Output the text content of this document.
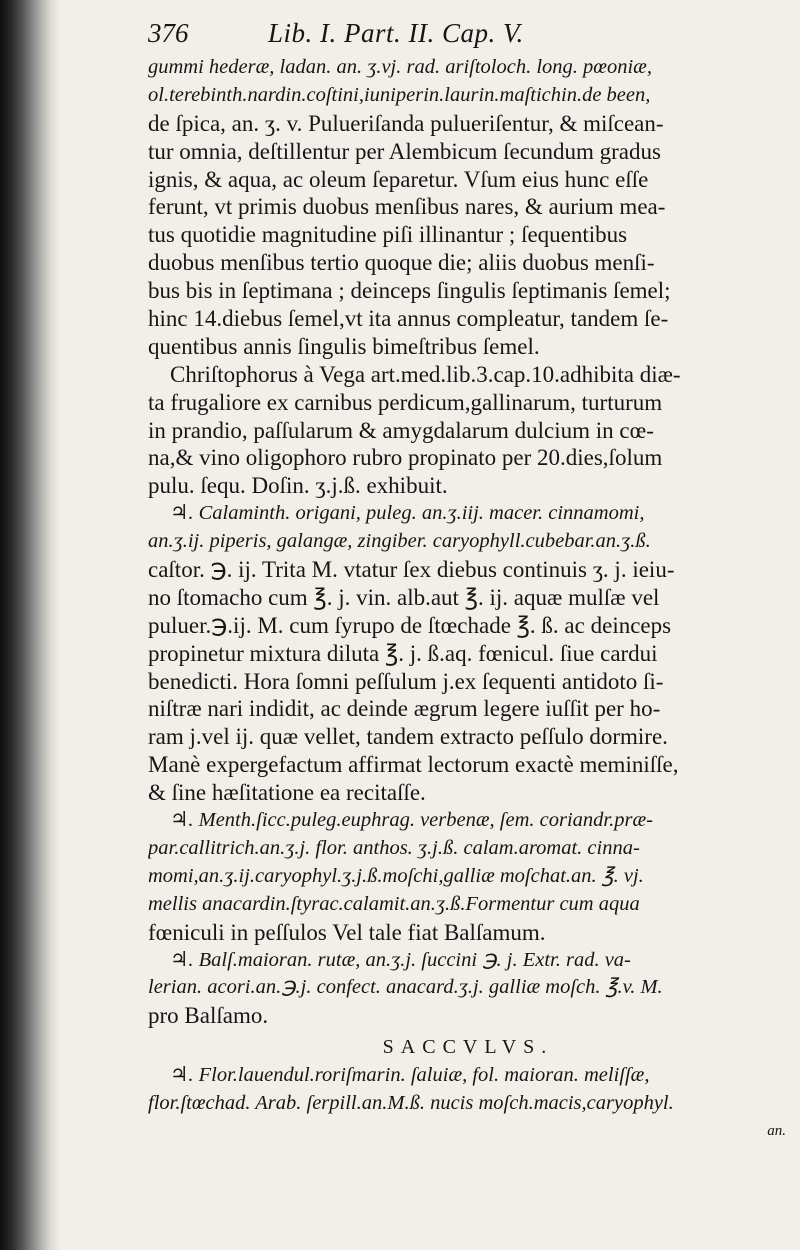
376	Lib. I. Part. II. Cap. V.
gummi hederæ, ladan. an. ʒ.vj. rad. ariſtoloch. long. pœoniæ,
ol.terebinth.nardin.coſtini,iuniperin.laurin.maſtichin.de been,
de ſpica, an. ʒ. v. Pulueriſanda pulueriſentur, & miſcean-
tur omnia, deſtillentur per Alembicum ſecundum gradus
ignis, & aqua, ac oleum ſeparetur. Vſum eius hunc eſſe
ferunt, vt primis duobus menſibus nares, & aurium mea-
tus quotidie magnitudine piſi illinantur ; ſequentibus
duobus menſibus tertio quoque die; aliis duobus menſi-
bus bis in ſeptimana ; deinceps ſingulis ſeptimanis ſemel;
hinc 14.diebus ſemel,vt ita annus compleatur, tandem ſe-
quentibus annis ſingulis bimeſtribus ſemel.
Chriſtophorus à Vega art.med.lib.3.cap.10.adhibita diæ-
ta frugaliore ex carnibus perdicum,gallinarum, turturum
in prandio, paſſularum & amygdalarum dulcium in cœ-
na,& vino oligophoro rubro propinato per 20.dies,ſolum
pulu. ſequ. Doſin. ʒ.j.ß. exhibuit.
♃. Calaminth. origani, puleg. an.ʒ.iij. macer. cinnamomi,
an.ʒ.ij. piperis, galangæ, zingiber. caryophyll.cubebar.an.ʒ.ß.
caſtor. ℈. ij. Trita M. vtatur ſex diebus continuis ʒ. j. ieiu-
no ſtomacho cum ℥. j. vin. alb.aut ℥. ij. aquæ mulſæ vel
puluer.℈.ij. M. cum ſyrupo de ſtœchade ℥. ß. ac deinceps
propinetur mixtura diluta ℥. j. ß.aq. fœnicul. ſiue cardui
benedicti. Hora ſomni peſſulum j.ex ſequenti antidoto ſi-
niſtræ nari indidit, ac deinde ægrum legere iuſſit per ho-
ram j.vel ij. quæ vellet, tandem extracto peſſulo dormire.
Manè expergefactum affirmat lectorum exactè meminiſſe,
& ſine hæſitatione ea recitaſſe.
♃. Menth.ſicc.puleg.euphrag. verbenæ, ſem. coriandr.præ-
par.callitrich.an.ʒ.j. flor. anthos. ʒ.j.ß. calam.aromat. cinna-
momi,an.ʒ.ij.caryophyl.ʒ.j.ß.moſchi,galliæ moſchat.an. ℥. vj.
mellis anacardin.ſtyrac.calamit.an.ʒ.ß.Formentur cum aqua
fœniculi in peſſulos Vel tale fiat Balſamum.
♃. Balſ.maioran. rutæ, an.ʒ.j. ſuccini ℈. j. Extr. rad. va-
lerian. acori.an.℈.j. confect. anacard.ʒ.j. galliæ moſch. ℥.v. M.
pro Balſamo.
SACCVLVS.
♃. Flor.lauendul.roriſmarin. ſaluiæ, fol. maioran. meliſſæ,
flor.ſtœchad. Arab. ſerpill.an.M.ß. nucis moſch.macis,caryophyl.
an.
